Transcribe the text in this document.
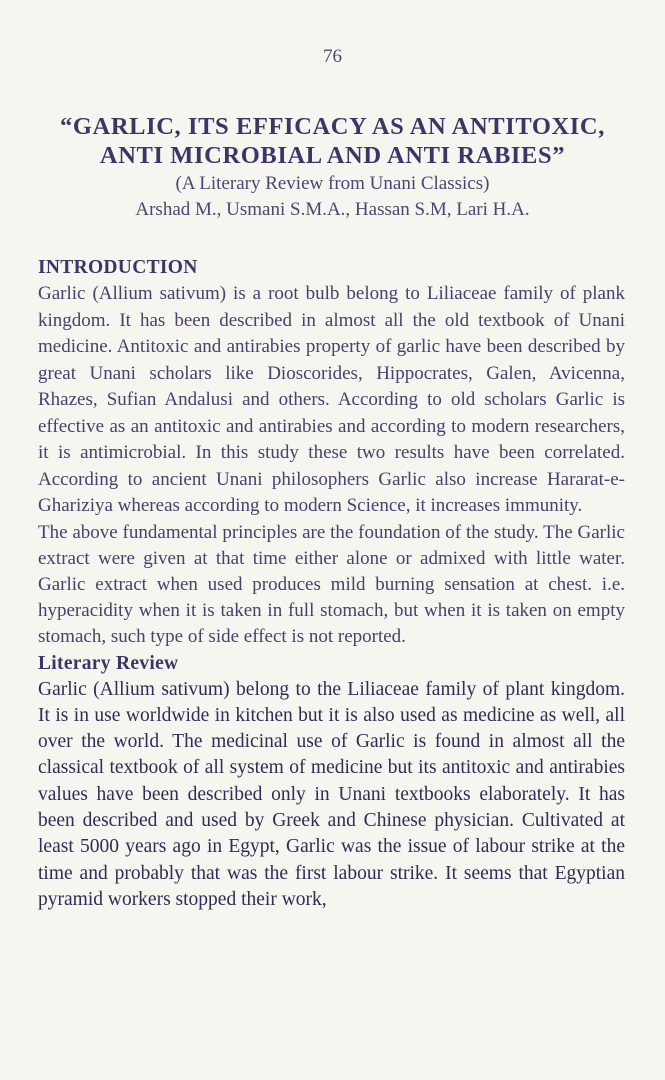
76
“GARLIC, ITS EFFICACY AS AN ANTITOXIC,
ANTI MICROBIAL AND ANTI RABIES”
(A Literary Review from Unani Classics)
Arshad M., Usmani S.M.A., Hassan S.M, Lari H.A.
INTRODUCTION

Garlic (Allium sativum) is a root bulb belong to Liliaceae family of plank kingdom. It has been described in almost all the old textbook of Unani medicine. Antitoxic and antirabies property of garlic have been described by great Unani scholars like Dioscorides, Hippocrates, Galen, Avicenna, Rhazes, Sufian Andalusi and others. According to old scholars Garlic is effective as an antitoxic and antirabies and according to modern researchers, it is antimicrobial. In this study these two results have been correlated. According to ancient Unani philosophers Garlic also increase Hararat-e-Ghariziya whereas according to modern Science, it increases immunity.

The above fundamental principles are the foundation of the study. The Garlic extract were given at that time either alone or admixed with little water. Garlic extract when used produces mild burning sensation at chest. i.e. hyperacidity when it is taken in full stomach, but when it is taken on empty stomach, such type of side effect is not reported.

Literary Review

Garlic (Allium sativum) belong to the Liliaceae family of plant kingdom. It is in use worldwide in kitchen but it is also used as medicine as well, all over the world. The medicinal use of Garlic is found in almost all the classical textbook of all system of medicine but its antitoxic and antirabies values have been described only in Unani textbooks elaborately. It has been described and used by Greek and Chinese physician. Cultivated at least 5000 years ago in Egypt, Garlic was the issue of labour strike at the time and probably that was the first labour strike. It seems that Egyptian pyramid workers stopped their work,
